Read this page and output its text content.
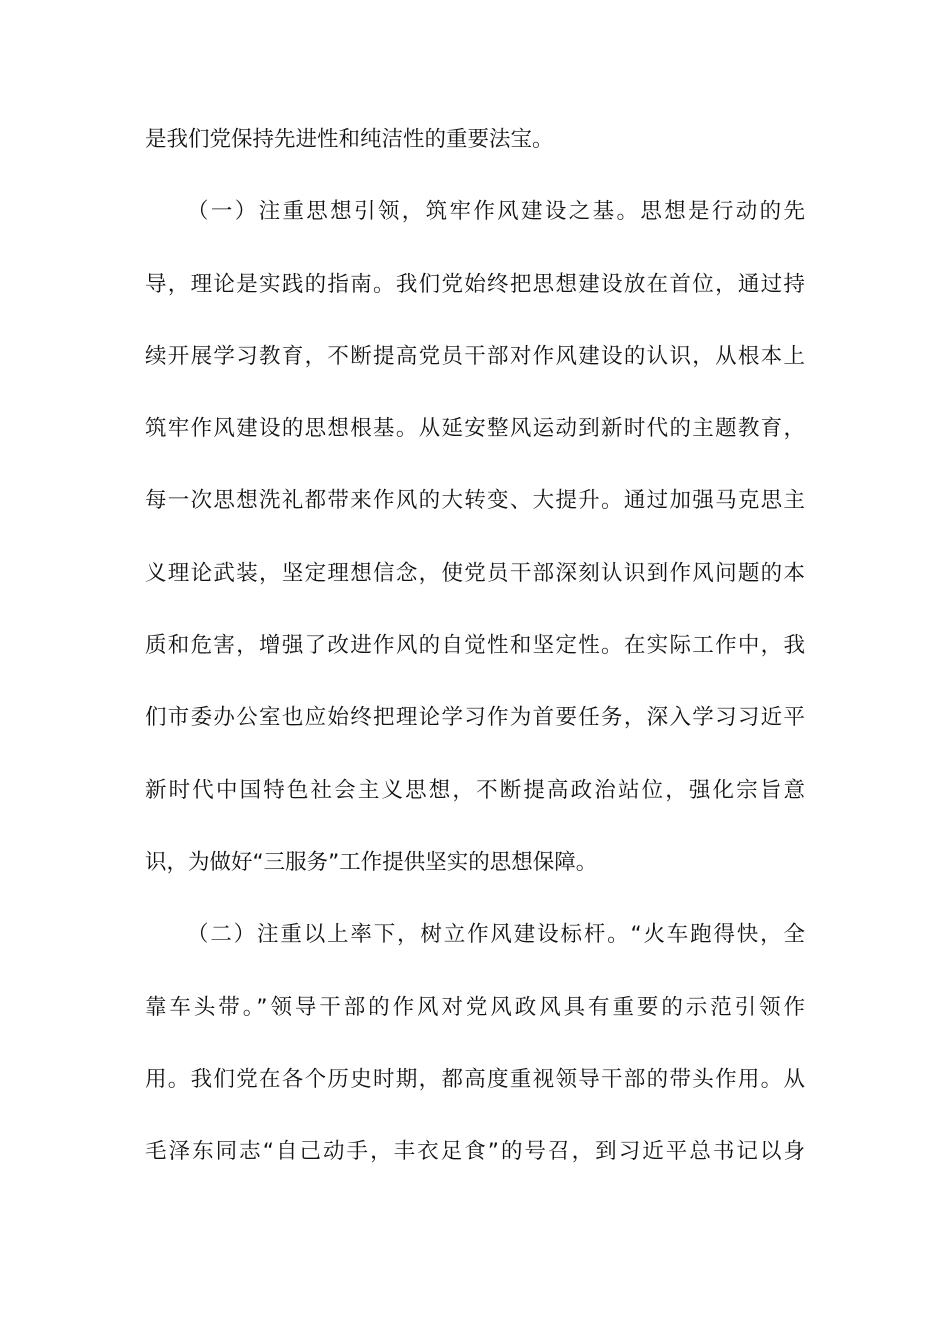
是我们党保持先进性和纯洁性的重要法宝。
（一）注重思想引领，筑牢作风建设之基。思想是行动的先
导，理论是实践的指南。我们党始终把思想建设放在首位，通过持
续开展学习教育，不断提高党员干部对作风建设的认识，从根本上
筑牢作风建设的思想根基。从延安整风运动到新时代的主题教育，
每一次思想洗礼都带来作风的大转变、大提升。通过加强马克思主
义理论武装，坚定理想信念，使党员干部深刻认识到作风问题的本
质和危害，增强了改进作风的自觉性和坚定性。在实际工作中，我
们市委办公室也应始终把理论学习作为首要任务，深入学习习近平
新时代中国特色社会主义思想，不断提高政治站位，强化宗旨意
识，为做好“三服务”工作提供坚实的思想保障。
（二）注重以上率下，树立作风建设标杆。“火车跑得快，全
靠车头带。”领导干部的作风对党风政风具有重要的示范引领作
用。我们党在各个历史时期，都高度重视领导干部的带头作用。从
毛泽东同志“自己动手，丰衣足食”的号召，到习近平总书记以身
